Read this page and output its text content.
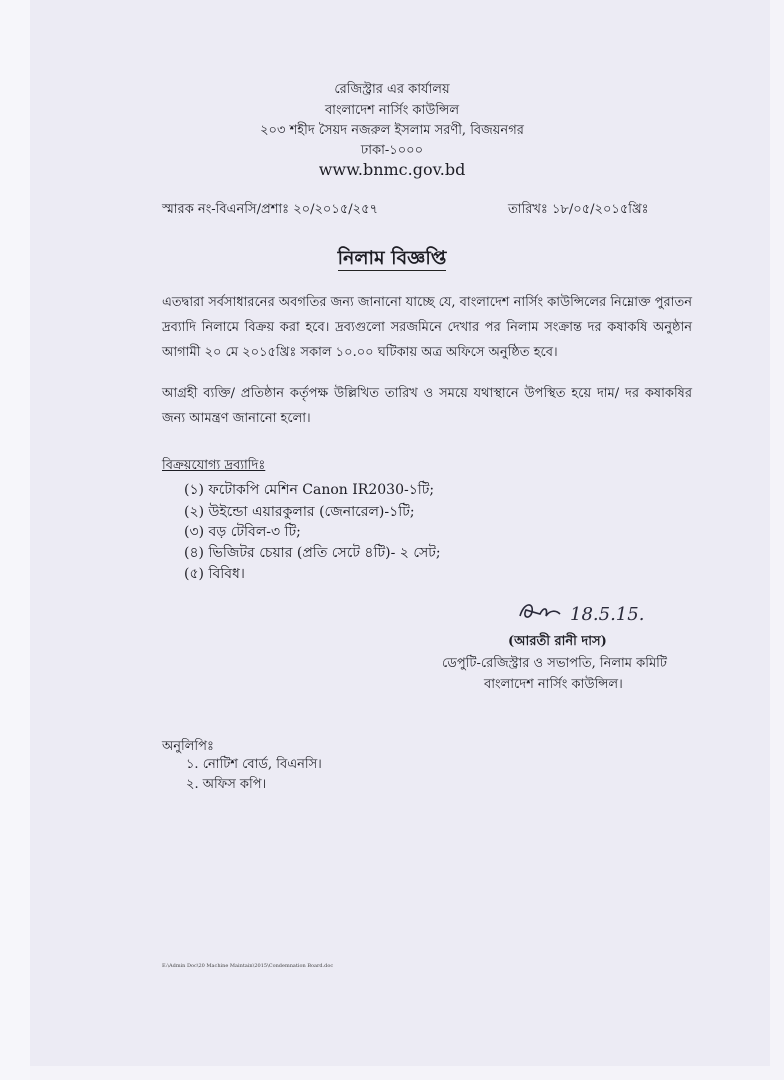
রেজিস্ট্রার এর কার্যালয়
বাংলাদেশ নার্সিং কাউন্সিল
২০৩ শহীদ সৈয়দ নজরুল ইসলাম সরণী, বিজয়নগর
ঢাকা-১০০০
www.bnmc.gov.bd
স্মারক নং-বিএনসি/প্রশাঃ ২০/২০১৫/২৫৭	তারিখঃ ১৮/০৫/২০১৫খ্রিঃ
নিলাম বিজ্ঞপ্তি
এতদ্বারা সর্বসাধারনের অবগতির জন্য জানানো যাচ্ছে যে, বাংলাদেশ নার্সিং কাউন্সিলের নিম্নোক্ত পুরাতন দ্রব্যাদি নিলামে বিক্রয় করা হবে। দ্রব্যগুলো সরজমিনে দেখার পর নিলাম সংক্রান্ত দর কষাকষি অনুষ্ঠান আগামী ২০ মে ২০১৫খ্রিঃ সকাল ১০.০০ ঘটিকায় অত্র অফিসে অনুষ্ঠিত হবে।
আগ্রহী ব্যক্তি/ প্রতিষ্ঠান কর্তৃপক্ষ উল্লিখিত তারিখ ও সময়ে যথাস্থানে উপস্থিত হয়ে দাম/ দর কষাকষির জন্য আমন্ত্রণ জানানো হলো।
বিক্রয়যোগ্য দ্রব্যাদিঃ
(১) ফটোকপি মেশিন Canon IR2030-১টি;
(২) উইন্ডো এয়ারকুলার (জেনারেল)-১টি;
(৩) বড় টেবিল-৩ টি;
(৪) ভিজিটর চেয়ার (প্রতি সেটে ৪টি)- ২ সেট;
(৫) বিবিধ।
18.5.15.
(আরতী রানী দাস)
ডেপুটি-রেজিস্ট্রার ও সভাপতি, নিলাম কমিটি
বাংলাদেশ নার্সিং কাউন্সিল।
অনুলিপিঃ
১. নোটিশ বোর্ড, বিএনসি।
২. অফিস কপি।
E:\Admin Doc\20 Machine Maintain\2015\Condemnation Board.doc
